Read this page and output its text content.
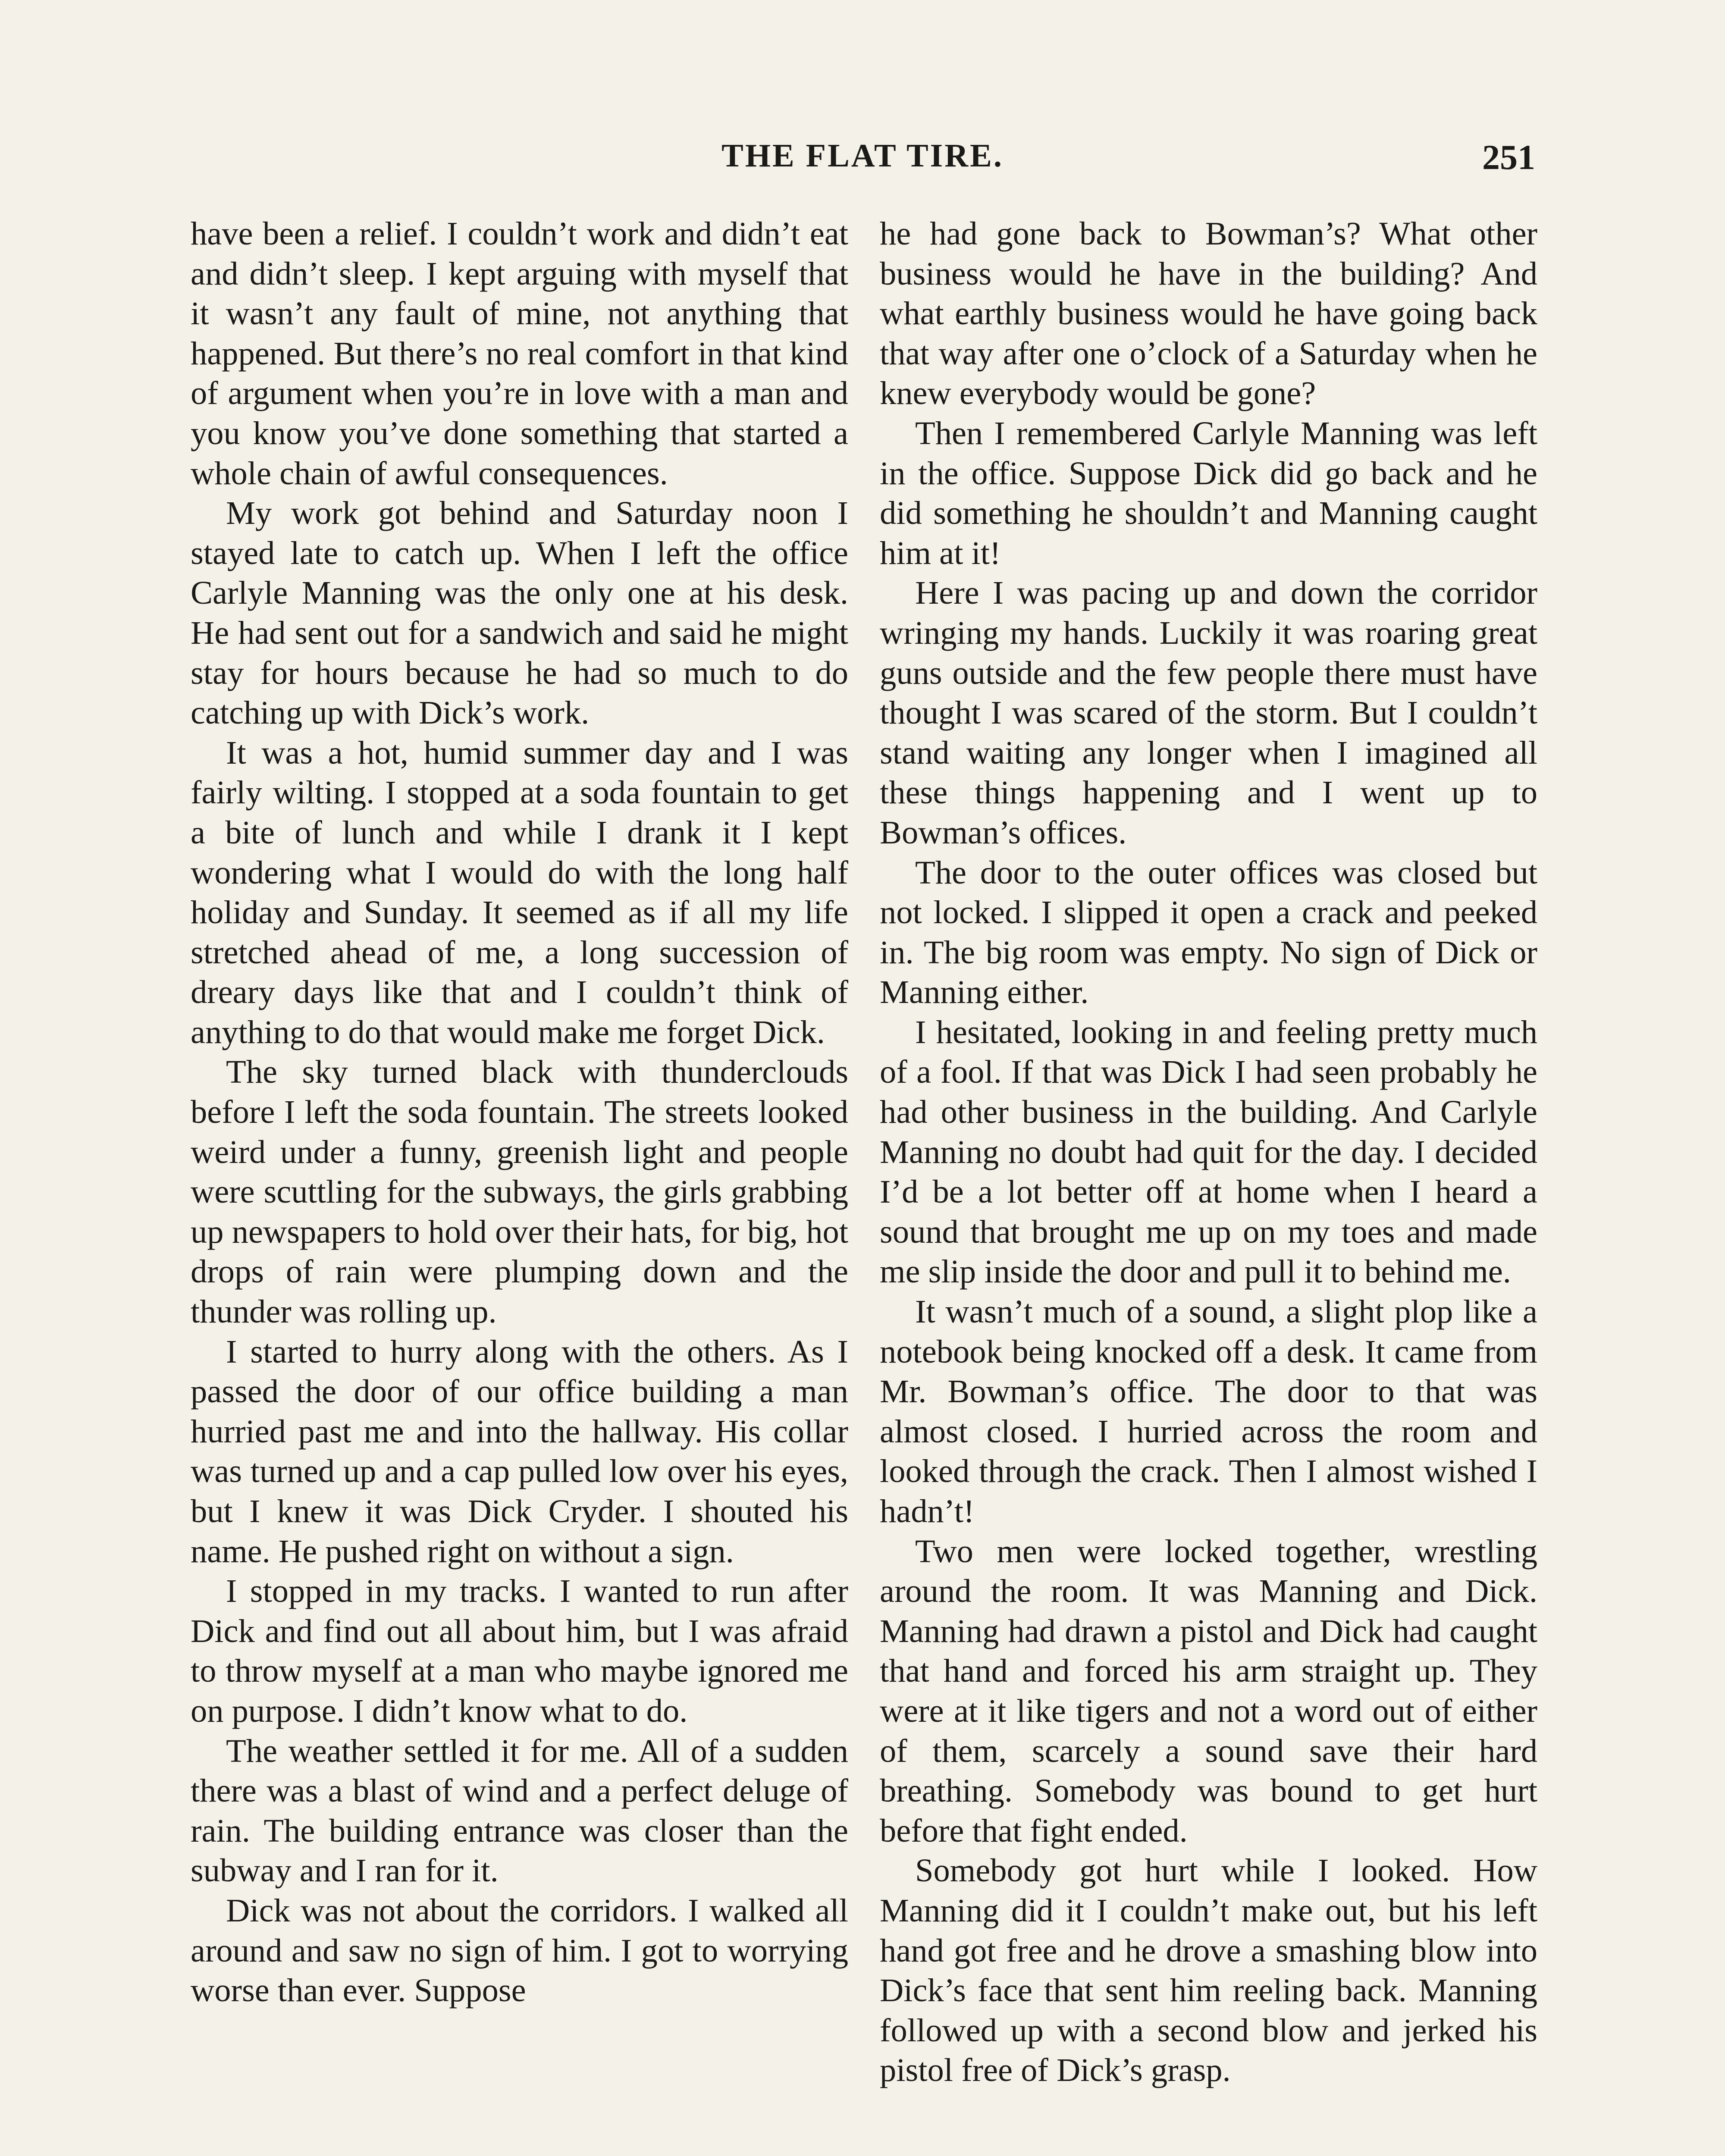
THE FLAT TIRE.	251

have been a relief. I couldn’t work and didn’t eat and didn’t sleep. I kept arguing with myself that it wasn’t any fault of mine, not anything that happened. But there’s no real comfort in that kind of argument when you’re in love with a man and you know you’ve done something that started a whole chain of awful consequences.

My work got behind and Saturday noon I stayed late to catch up. When I left the office Carlyle Manning was the only one at his desk. He had sent out for a sandwich and said he might stay for hours because he had so much to do catching up with Dick’s work.

It was a hot, humid summer day and I was fairly wilting. I stopped at a soda fountain to get a bite of lunch and while I drank it I kept wondering what I would do with the long half holiday and Sunday. It seemed as if all my life stretched ahead of me, a long succession of dreary days like that and I couldn’t think of anything to do that would make me forget Dick.

The sky turned black with thunderclouds before I left the soda fountain. The streets looked weird under a funny, greenish light and people were scuttling for the subways, the girls grabbing up newspapers to hold over their hats, for big, hot drops of rain were plumping down and the thunder was rolling up.

I started to hurry along with the others. As I passed the door of our office building a man hurried past me and into the hallway. His collar was turned up and a cap pulled low over his eyes, but I knew it was Dick Cryder. I shouted his name. He pushed right on without a sign.

I stopped in my tracks. I wanted to run after Dick and find out all about him, but I was afraid to throw myself at a man who maybe ignored me on purpose. I didn’t know what to do.

The weather settled it for me. All of a sudden there was a blast of wind and a perfect deluge of rain. The building entrance was closer than the subway and I ran for it.

Dick was not about the corridors. I walked all around and saw no sign of him. I got to worrying worse than ever. Suppose

he had gone back to Bowman’s? What other business would he have in the building? And what earthly business would he have going back that way after one o’clock of a Saturday when he knew everybody would be gone?

Then I remembered Carlyle Manning was left in the office. Suppose Dick did go back and he did something he shouldn’t and Manning caught him at it!

Here I was pacing up and down the corridor wringing my hands. Luckily it was roaring great guns outside and the few people there must have thought I was scared of the storm. But I couldn’t stand waiting any longer when I imagined all these things happening and I went up to Bowman’s offices.

The door to the outer offices was closed but not locked. I slipped it open a crack and peeked in. The big room was empty. No sign of Dick or Manning either.

I hesitated, looking in and feeling pretty much of a fool. If that was Dick I had seen probably he had other business in the building. And Carlyle Manning no doubt had quit for the day. I decided I’d be a lot better off at home when I heard a sound that brought me up on my toes and made me slip inside the door and pull it to behind me.

It wasn’t much of a sound, a slight plop like a notebook being knocked off a desk. It came from Mr. Bowman’s office. The door to that was almost closed. I hurried across the room and looked through the crack. Then I almost wished I hadn’t!

Two men were locked together, wrestling around the room. It was Manning and Dick. Manning had drawn a pistol and Dick had caught that hand and forced his arm straight up. They were at it like tigers and not a word out of either of them, scarcely a sound save their hard breathing. Somebody was bound to get hurt before that fight ended.

Somebody got hurt while I looked. How Manning did it I couldn’t make out, but his left hand got free and he drove a smashing blow into Dick’s face that sent him reeling back. Manning followed up with a second blow and jerked his pistol free of Dick’s grasp.
